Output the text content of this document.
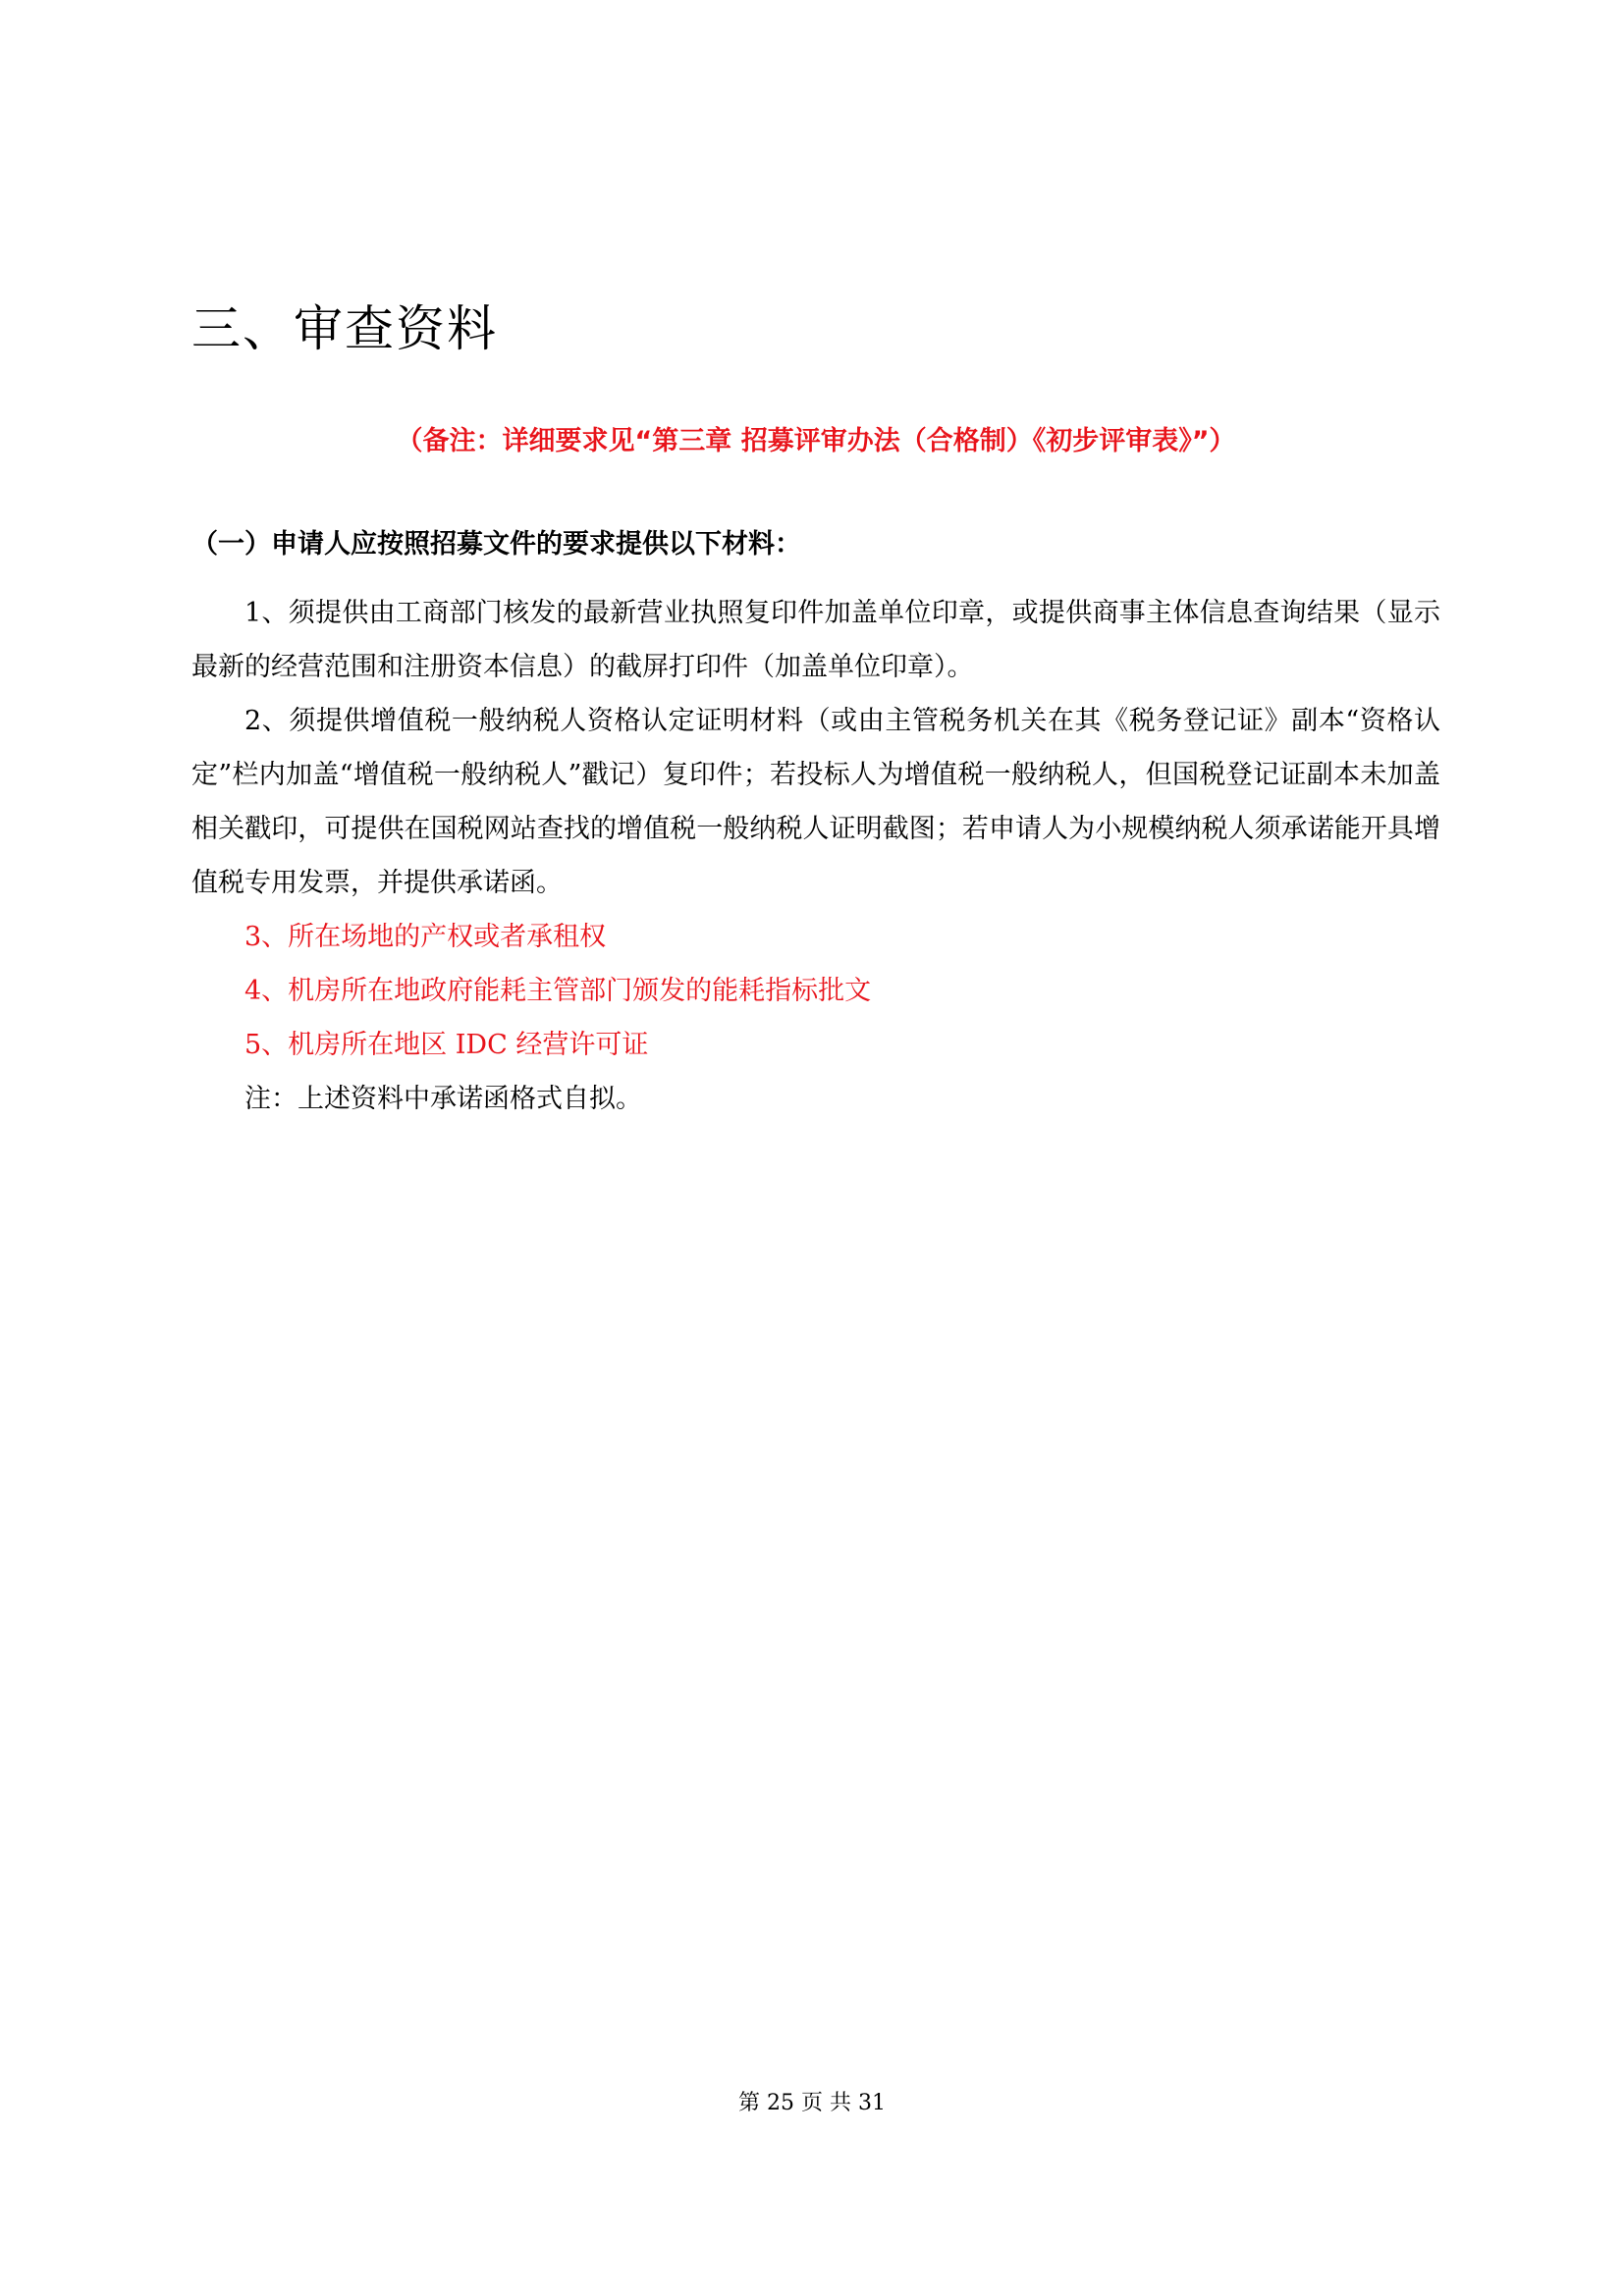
三、审查资料
（备注：详细要求见“第三章 招募评审办法（合格制）《初步评审表》”）
（一）申请人应按照招募文件的要求提供以下材料：

1、须提供由工商部门核发的最新营业执照复印件加盖单位印章，或提供商事主体信息查询结果（显示最新的经营范围和注册资本信息）的截屏打印件（加盖单位印章）。

2、须提供增值税一般纳税人资格认定证明材料（或由主管税务机关在其《税务登记证》副本“资格认定”栏内加盖“增值税一般纳税人”戳记）复印件；若投标人为增值税一般纳税人，但国税登记证副本未加盖相关戳印，可提供在国税网站查找的增值税一般纳税人证明截图；若申请人为小规模纳税人须承诺能开具增值税专用发票，并提供承诺函。

3、所在场地的产权或者承租权

4、机房所在地政府能耗主管部门颁发的能耗指标批文

5、机房所在地区 IDC 经营许可证

注：上述资料中承诺函格式自拟。

第 25 页 共 31
